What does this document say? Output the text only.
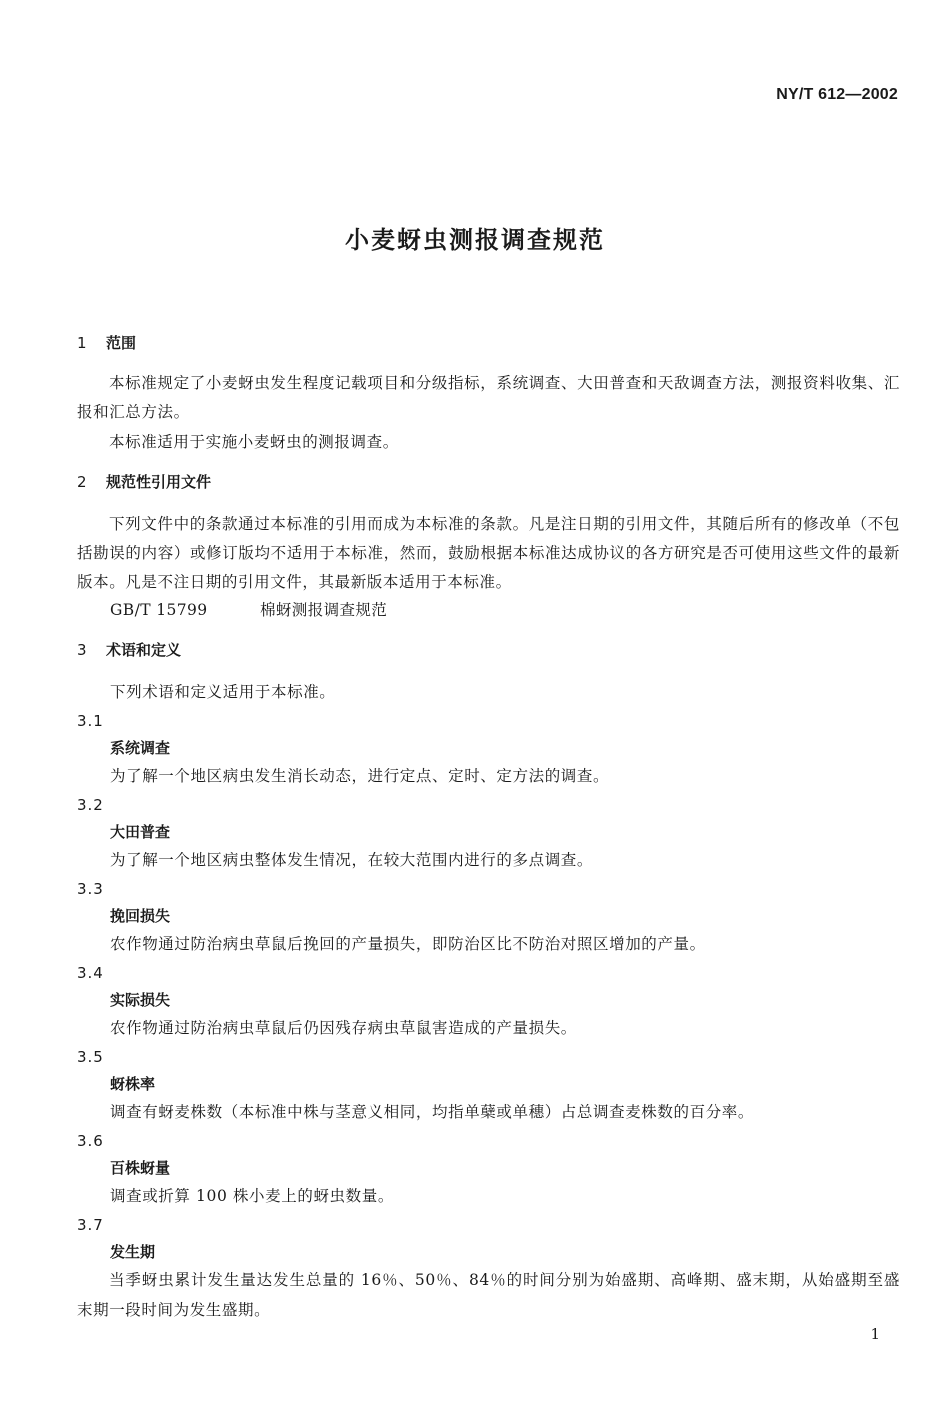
NY/T 612—2002
小麦蚜虫测报调查规范
1 范围
本标准规定了小麦蚜虫发生程度记载项目和分级指标，系统调查、大田普查和天敌调查方法，测报资料收集、汇报和汇总方法。
本标准适用于实施小麦蚜虫的测报调查。
2 规范性引用文件
下列文件中的条款通过本标准的引用而成为本标准的条款。凡是注日期的引用文件，其随后所有的修改单（不包括勘误的内容）或修订版均不适用于本标准，然而，鼓励根据本标准达成协议的各方研究是否可使用这些文件的最新版本。凡是不注日期的引用文件，其最新版本适用于本标准。
GB/T 15799	棉蚜测报调查规范
3 术语和定义
下列术语和定义适用于本标准。
3.1
系统调查
为了解一个地区病虫发生消长动态，进行定点、定时、定方法的调查。
3.2
大田普查
为了解一个地区病虫整体发生情况，在较大范围内进行的多点调查。
3.3
挽回损失
农作物通过防治病虫草鼠后挽回的产量损失，即防治区比不防治对照区增加的产量。
3.4
实际损失
农作物通过防治病虫草鼠后仍因残存病虫草鼠害造成的产量损失。
3.5
蚜株率
调查有蚜麦株数（本标准中株与茎意义相同，均指单蘖或单穗）占总调查麦株数的百分率。
3.6
百株蚜量
调查或折算 100 株小麦上的蚜虫数量。
3.7
发生期
当季蚜虫累计发生量达发生总量的 16％、50％、84％的时间分别为始盛期、高峰期、盛末期，从始盛期至盛末期一段时间为发生盛期。
1
